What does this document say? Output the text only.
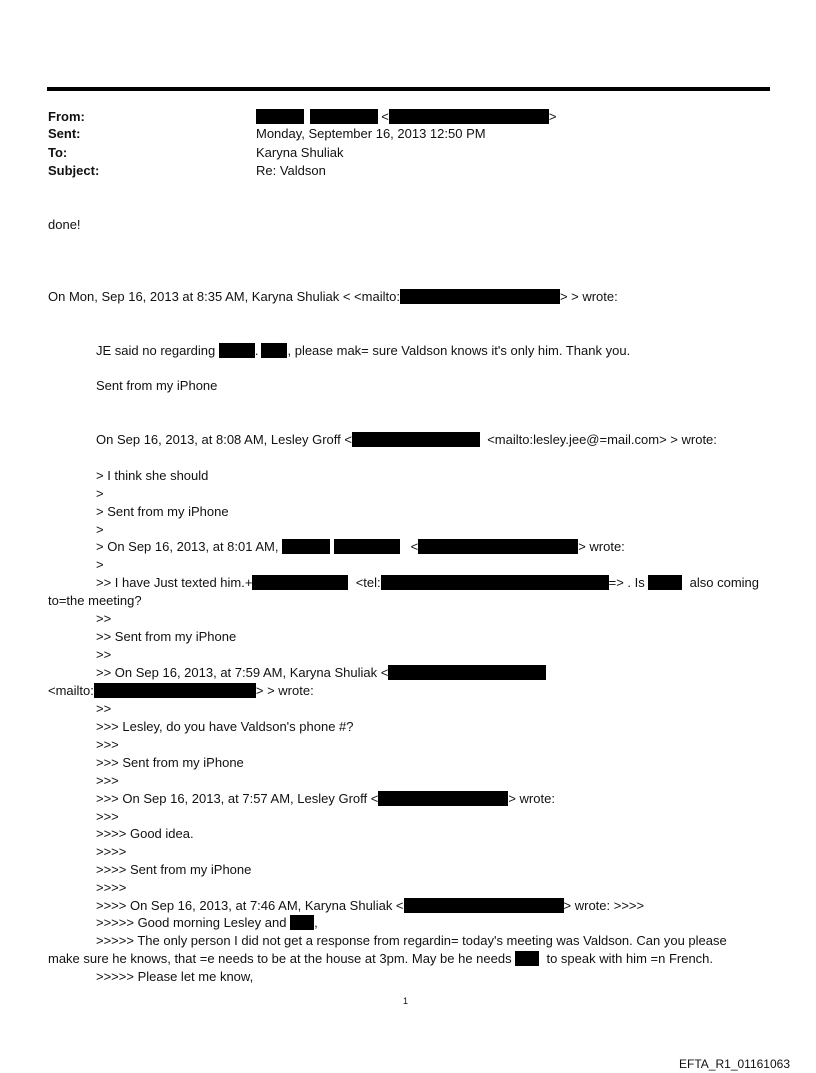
From:	<	>
Sent:	Monday, September 16, 2013 12:50 PM
To:	Karyna Shuliak
Subject:	Re: Valdson
done!
On Mon, Sep 16, 2013 at 8:35 AM, Karyna Shuliak < <mailto:	> > wrote:
JE said no regarding	. , please mak= sure Valdson knows it's only him. Thank you.
Sent from my iPhone
On Sep 16, 2013, at 8:08 AM, Lesley Groff <	<mailto:lesley.jee@=mail.com> > wrote:
> I think she should
>
> Sent from my iPhone
>
> On Sep 16, 2013, at 8:01 AM,	<	> wrote:
>
>> I have Just texted him.+	<tel:	=> . Is	also coming
to=the meeting?
>>
>> Sent from my iPhone
>>
>> On Sep 16, 2013, at 7:59 AM, Karyna Shuliak <
<mailto:	> > wrote:
>>
>>> Lesley, do you have Valdson's phone #?
>>>
>>> Sent from my iPhone
>>>
>>> On Sep 16, 2013, at 7:57 AM, Lesley Groff <	> wrote:
>>>
>>>> Good idea.
>>>>
>>>> Sent from my iPhone
>>>>
>>>> On Sep 16, 2013, at 7:46 AM, Karyna Shuliak <	> wrote: >>>>
>>>>> Good morning Lesley and ,
>>>>> The only person I did not get a response from regardin= today's meeting was Valdson. Can you please
make sure he knows, that =e needs to be at the house at 3pm. May be he needs	to speak with him =n French.
>>>>> Please let me know,
1
EFTA_R1_01161063
